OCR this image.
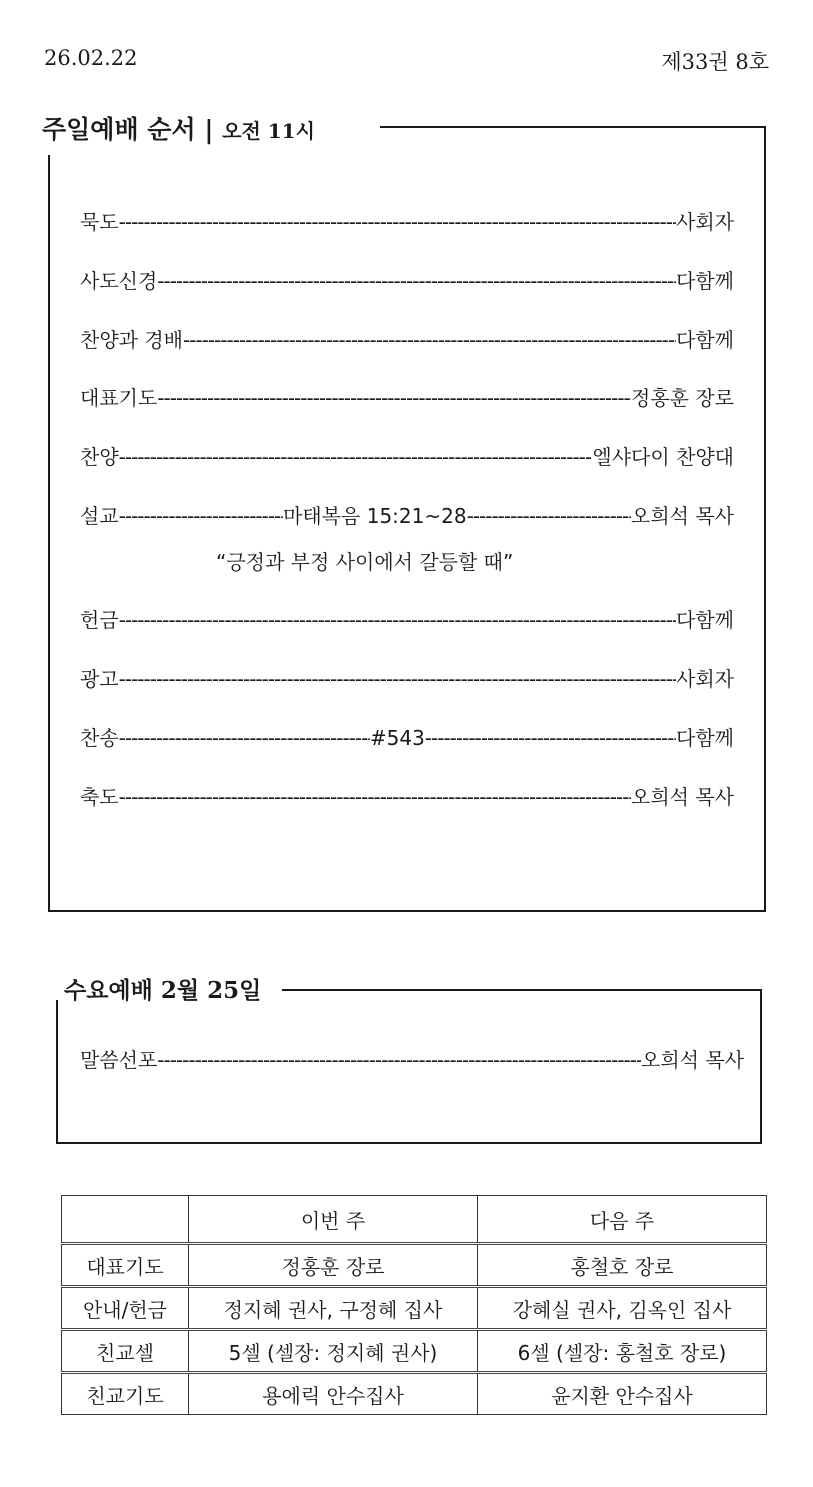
26.02.22	제33권 8호
주일예배 순서 | 오전 11시
묵도 -----	사회자
사도신경 -----	다함께
찬양과 경배 -----	다함께
대표기도 -----	정홍훈 장로
찬양 -----	엘샤다이 찬양대
설교 -----	마태복음 15:21~28 -----	오희석 목사
“긍정과 부정 사이에서 갈등할 때”
헌금 -----	다함께
광고 -----	사회자
찬송 -----	#543 -----	다함께
축도 -----	오희석 목사
수요예배 2월 25일
말씀선포 -----	오희석 목사
	이번 주	다음 주
대표기도	정홍훈 장로	홍철호 장로
안내/헌금	정지혜 권사, 구정혜 집사	강혜실 권사, 김옥인 집사
친교셀	5셀 (셀장: 정지혜 권사)	6셀 (셀장: 홍철호 장로)
친교기도	용에릭 안수집사	윤지환 안수집사
